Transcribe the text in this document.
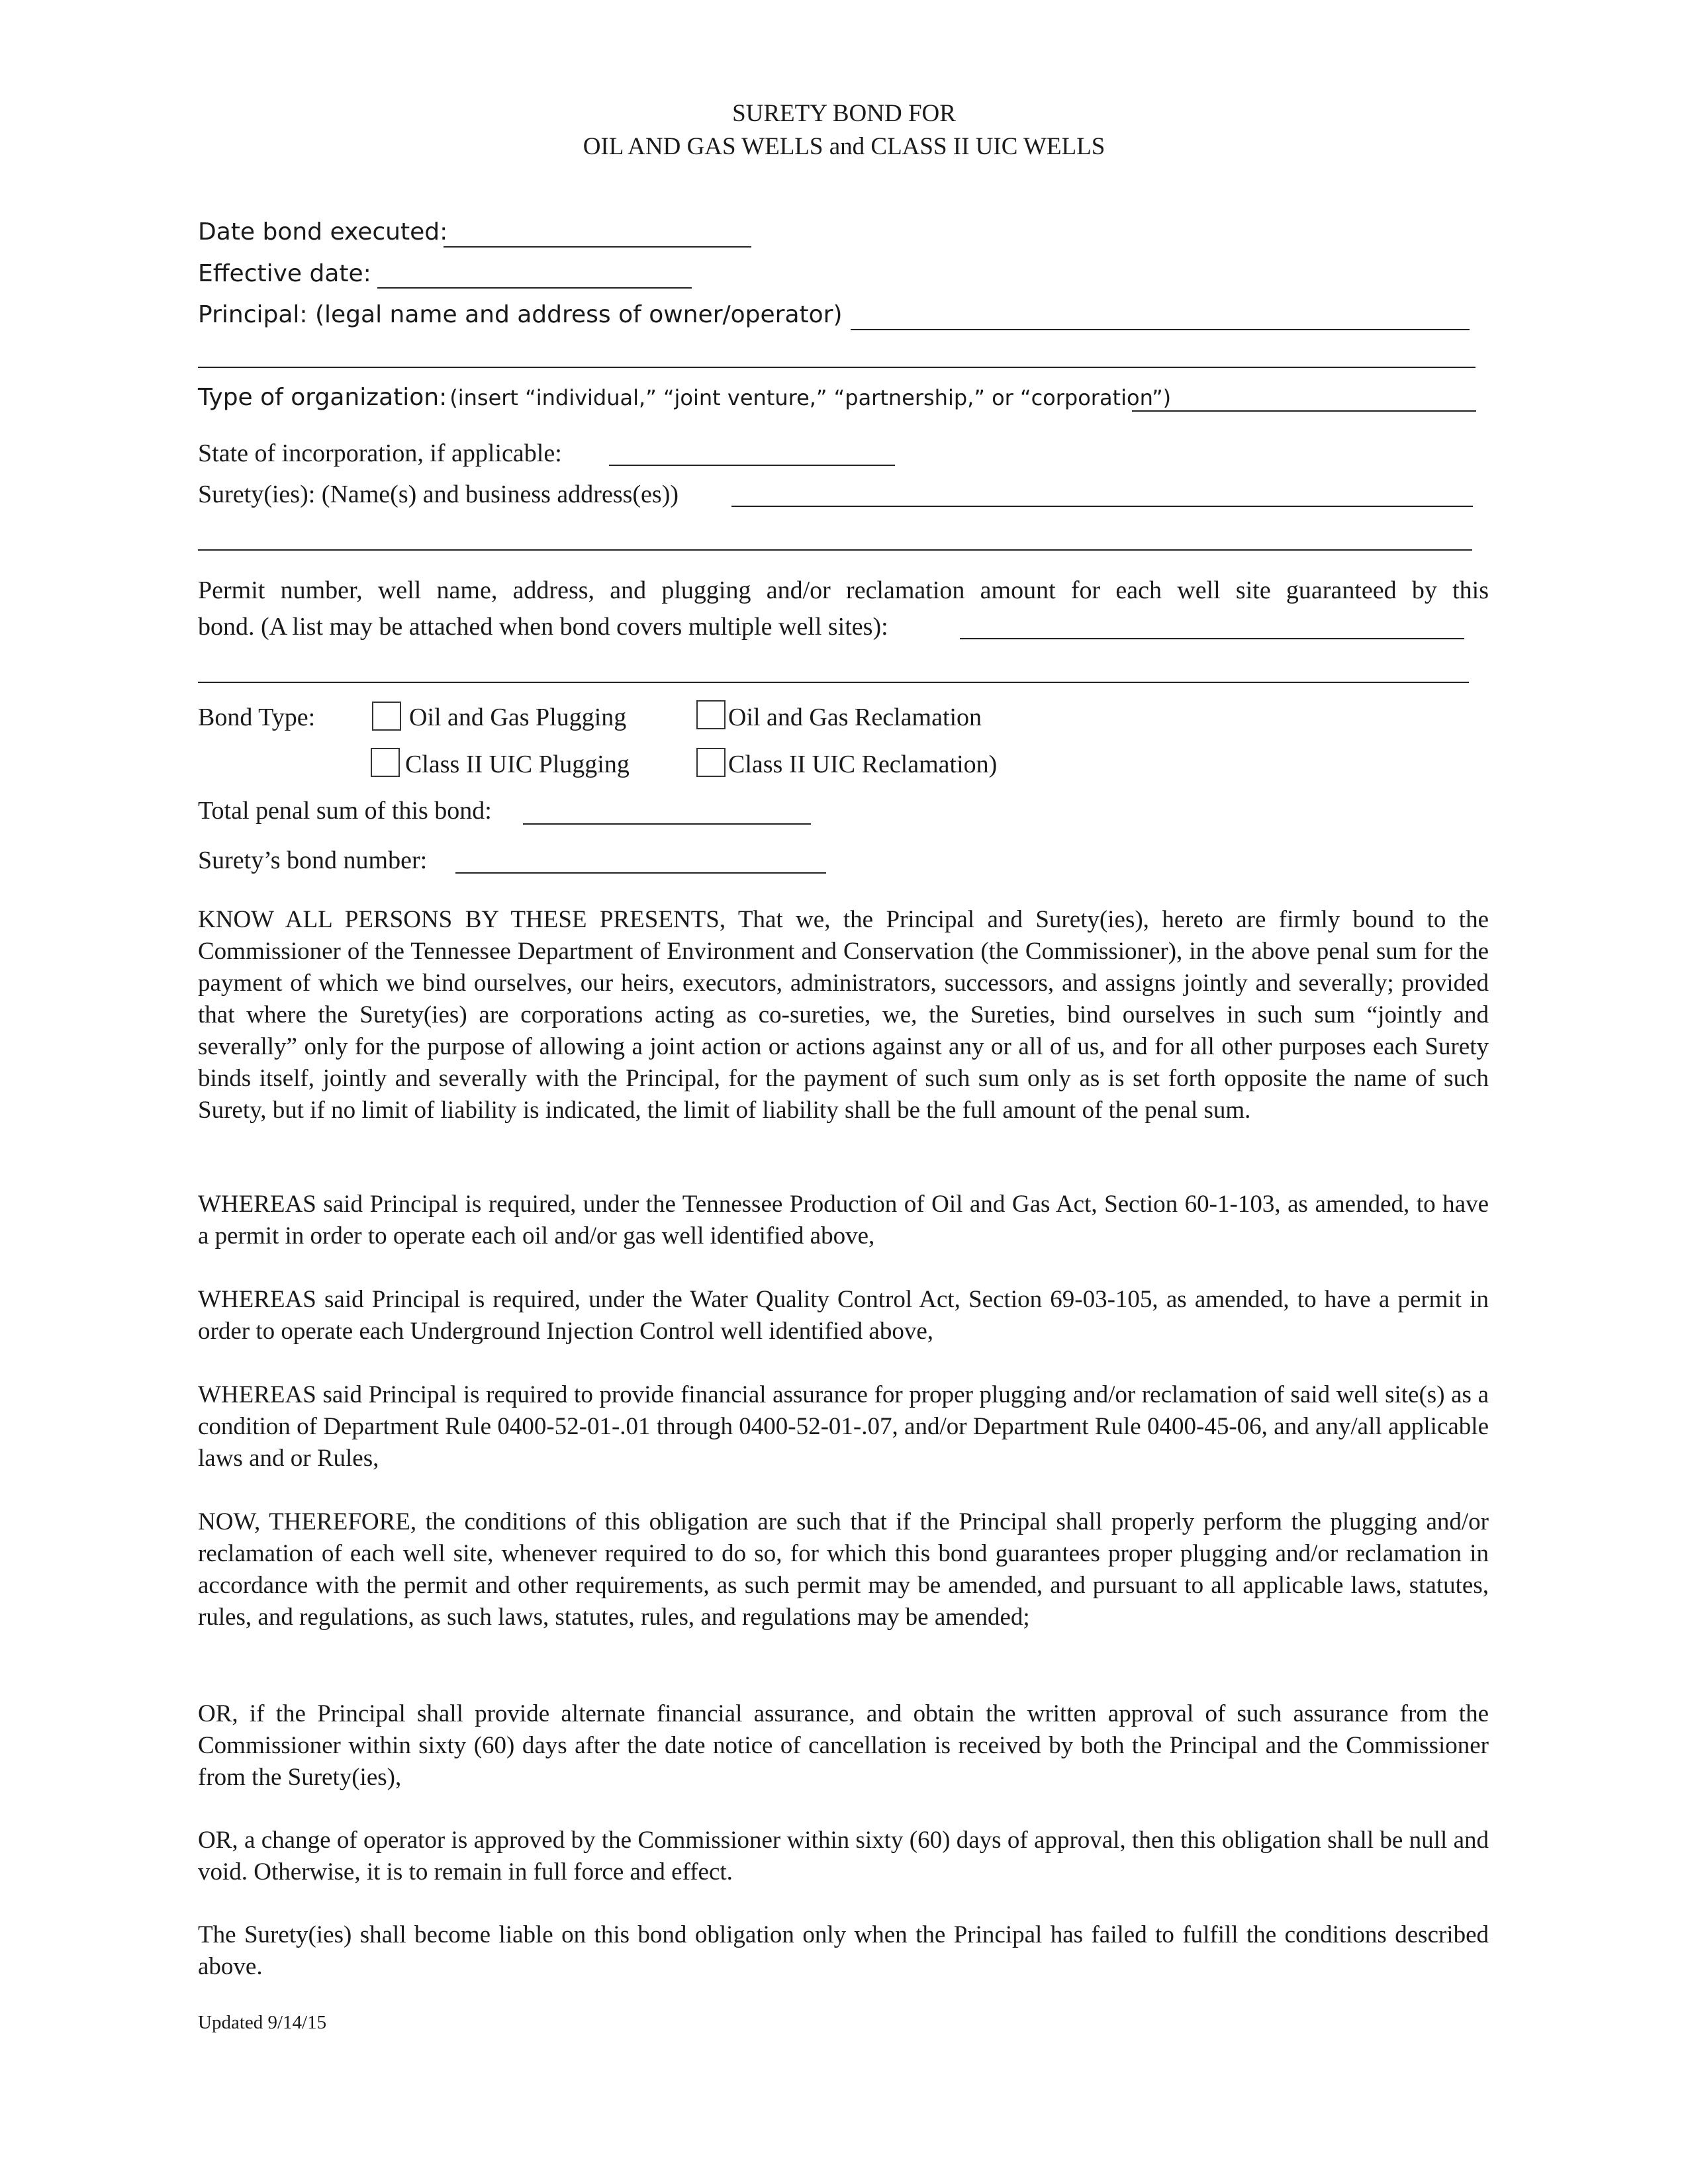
SURETY BOND FOR
OIL AND GAS WELLS and CLASS II UIC WELLS
Date bond executed:
Effective date:
Principal: (legal name and address of owner/operator)
Type of organization: (insert “individual,” “joint venture,” “partnership,” or “corporation”)
State of incorporation, if applicable:
Surety(ies): (Name(s) and business address(es))
Permit number, well name, address, and plugging and/or reclamation amount for each well site guaranteed by this
bond. (A list may be attached when bond covers multiple well sites):
Bond Type:	Oil and Gas Plugging	Oil and Gas Reclamation
Class II UIC Plugging	Class II UIC Reclamation)
Total penal sum of this bond:
Surety’s bond number:
KNOW ALL PERSONS BY THESE PRESENTS, That we, the Principal and Surety(ies), hereto are firmly bound to the Commissioner of the Tennessee Department of Environment and Conservation (the Commissioner), in the above penal sum for the payment of which we bind ourselves, our heirs, executors, administrators, successors, and assigns jointly and severally; provided that where the Surety(ies) are corporations acting as co-sureties, we, the Sureties, bind ourselves in such sum “jointly and severally” only for the purpose of allowing a joint action or actions against any or all of us, and for all other purposes each Surety binds itself, jointly and severally with the Principal, for the payment of such sum only as is set forth opposite the name of such Surety, but if no limit of liability is indicated, the limit of liability shall be the full amount of the penal sum.
WHEREAS said Principal is required, under the Tennessee Production of Oil and Gas Act, Section 60-1-103, as amended, to have a permit in order to operate each oil and/or gas well identified above,
WHEREAS said Principal is required, under the Water Quality Control Act, Section 69-03-105, as amended, to have a permit in order to operate each Underground Injection Control well identified above,
WHEREAS said Principal is required to provide financial assurance for proper plugging and/or reclamation of said well site(s) as a condition of Department Rule 0400-52-01-.01 through 0400-52-01-.07, and/or Department Rule 0400-45-06, and any/all applicable laws and or Rules,
NOW, THEREFORE, the conditions of this obligation are such that if the Principal shall properly perform the plugging and/or reclamation of each well site, whenever required to do so, for which this bond guarantees proper plugging and/or reclamation in accordance with the permit and other requirements, as such permit may be amended, and pursuant to all applicable laws, statutes, rules, and regulations, as such laws, statutes, rules, and regulations may be amended;
OR, if the Principal shall provide alternate financial assurance, and obtain the written approval of such assurance from the Commissioner within sixty (60) days after the date notice of cancellation is received by both the Principal and the Commissioner from the Surety(ies),
OR, a change of operator is approved by the Commissioner within sixty (60) days of approval, then this obligation shall be null and void. Otherwise, it is to remain in full force and effect.
The Surety(ies) shall become liable on this bond obligation only when the Principal has failed to fulfill the conditions described above.
Updated 9/14/15
